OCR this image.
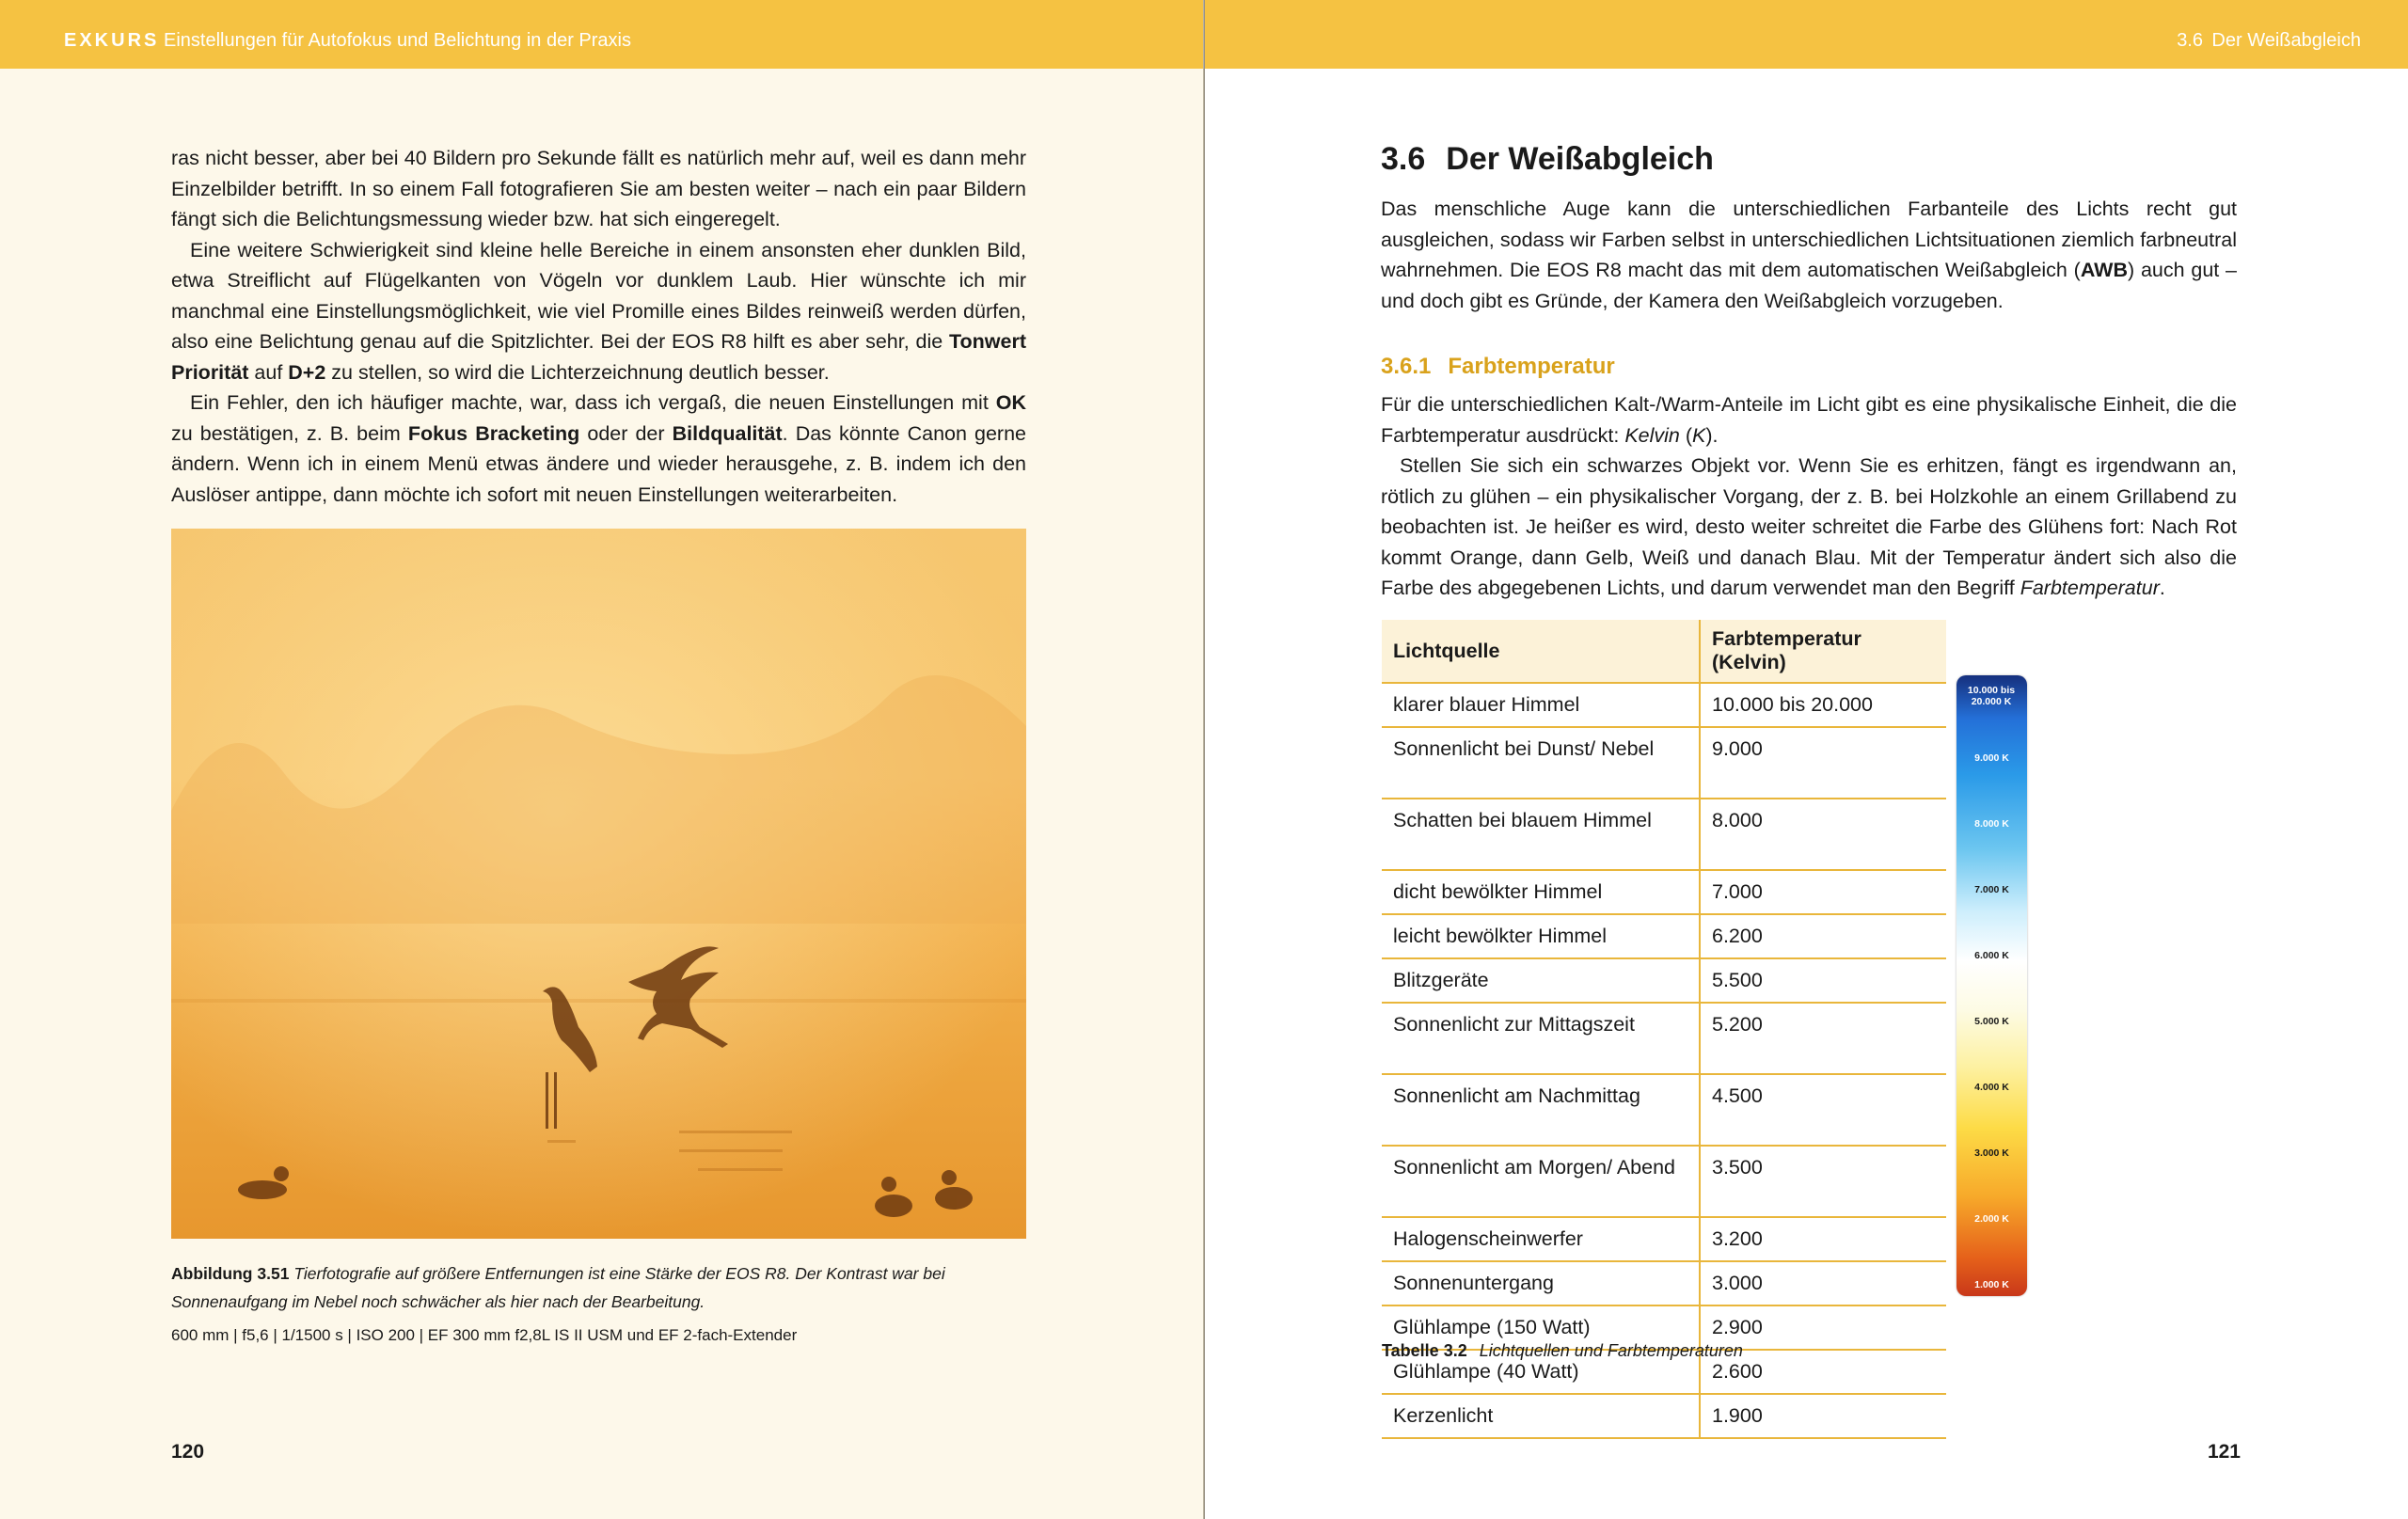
EXKURS Einstellungen für Autofokus und Belichtung in der Praxis

ras nicht besser, aber bei 40 Bildern pro Sekunde fällt es natürlich mehr auf, weil es dann mehr Einzelbilder betrifft. In so einem Fall fotografieren Sie am besten weiter – nach ein paar Bildern fängt sich die Belichtungsmessung wieder bzw. hat sich eingeregelt.

Eine weitere Schwierigkeit sind kleine helle Bereiche in einem ansonsten eher dunklen Bild, etwa Streiflicht auf Flügelkanten von Vögeln vor dunklem Laub. Hier wünschte ich mir manchmal eine Einstellungsmöglichkeit, wie viel Promille eines Bildes reinweiß werden dürfen, also eine Belichtung genau auf die Spitzlichter. Bei der EOS R8 hilft es aber sehr, die Tonwert Priorität auf D+2 zu stellen, so wird die Lichterzeichnung deutlich besser.

Ein Fehler, den ich häufiger machte, war, dass ich vergaß, die neuen Einstellungen mit OK zu bestätigen, z. B. beim Fokus Bracketing oder der Bildqualität. Das könnte Canon gerne ändern. Wenn ich in einem Menü etwas ändere und wieder herausgehe, z. B. indem ich den Auslöser antippe, dann möchte ich sofort mit neuen Einstellungen weiterarbeiten.

Abbildung 3.51 Tierfotografie auf größere Entfernungen ist eine Stärke der EOS R8. Der Kontrast war bei Sonnenaufgang im Nebel noch schwächer als hier nach der Bearbeitung.
600 mm | f5,6 | 1/1500 s | ISO 200 | EF 300 mm f2,8L IS II USM und EF 2-fach-Extender
120
3.6 Der Weißabgleich
3.6 Der Weißabgleich

Das menschliche Auge kann die unterschiedlichen Farbanteile des Lichts recht gut ausgleichen, sodass wir Farben selbst in unterschiedlichen Lichtsituationen ziemlich farbneutral wahrnehmen. Die EOS R8 macht das mit dem automatischen Weißabgleich (AWB) auch gut – und doch gibt es Gründe, der Kamera den Weißabgleich vorzugeben.

3.6.1 Farbtemperatur

Für die unterschiedlichen Kalt-/Warm-Anteile im Licht gibt es eine physikalische Einheit, die die Farbtemperatur ausdrückt: Kelvin (K).

Stellen Sie sich ein schwarzes Objekt vor. Wenn Sie es erhitzen, fängt es irgendwann an, rötlich zu glühen – ein physikalischer Vorgang, der z. B. bei Holzkohle an einem Grillabend zu beobachten ist. Je heißer es wird, desto weiter schreitet die Farbe des Glühens fort: Nach Rot kommt Orange, dann Gelb, Weiß und danach Blau. Mit der Temperatur ändert sich also die Farbe des abgegebenen Lichts, und darum verwendet man den Begriff Farbtemperatur.

Lichtquelle	Farbtemperatur (Kelvin)
klarer blauer Himmel	10.000 bis 20.000
Sonnenlicht bei Dunst/ Nebel	9.000
Schatten bei blauem Himmel	8.000
dicht bewölkter Himmel	7.000
leicht bewölkter Himmel	6.200
Blitzgeräte	5.500
Sonnenlicht zur Mittagszeit	5.200
Sonnenlicht am Nachmittag	4.500
Sonnenlicht am Morgen/ Abend	3.500
Halogenscheinwerfer	3.200
Sonnenuntergang	3.000
Glühlampe (150 Watt)	2.900
Glühlampe (40 Watt)	2.600
Kerzenlicht	1.900
10.000 bis 20.000 K
9.000 K
8.000 K
7.000 K
6.000 K
5.000 K
4.000 K
3.000 K
2.000 K
1.000 K
Tabelle 3.2 Lichtquellen und Farbtemperaturen
121
